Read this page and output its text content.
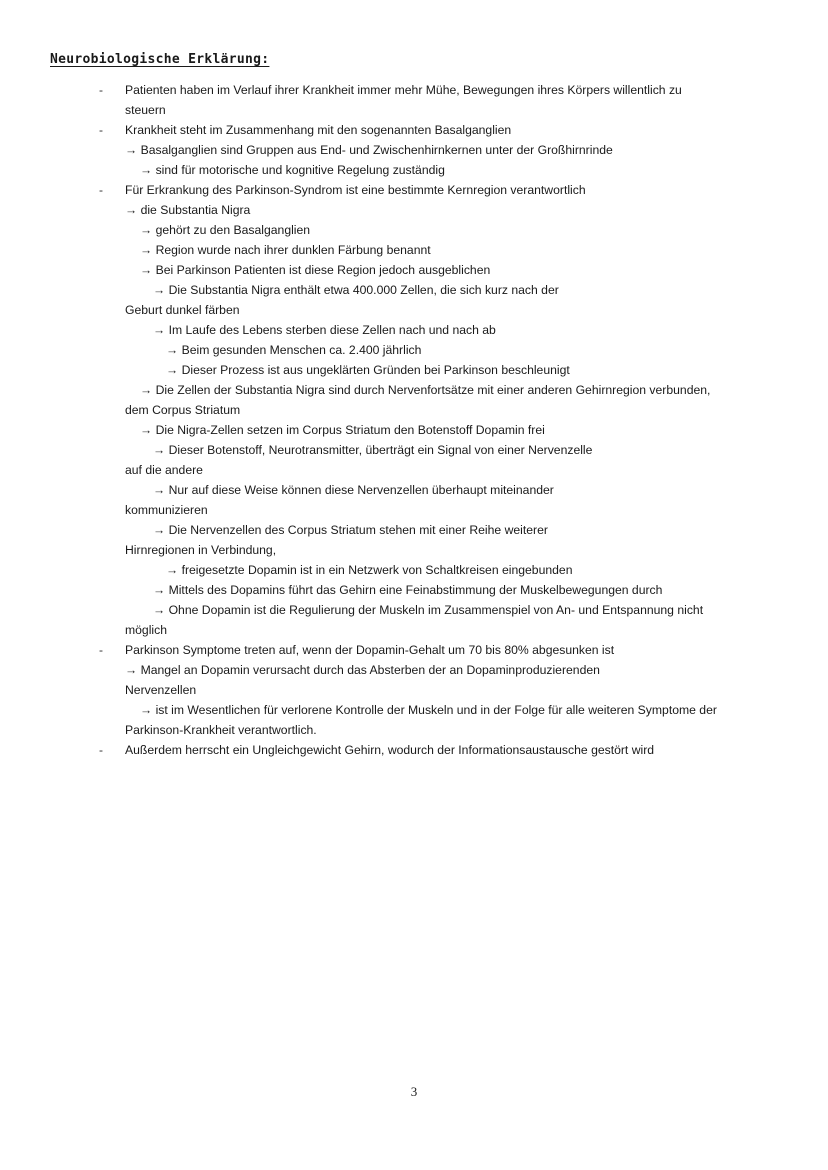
Neurobiologische Erklärung:
- Patienten haben im Verlauf ihrer Krankheit immer mehr Mühe, Bewegungen ihres Körpers willentlich zu
steuern
- Krankheit steht im Zusammenhang mit den sogenannten Basalganglien
→ Basalganglien sind Gruppen aus End- und Zwischenhirnkernen unter der Großhirnrinde
→ sind für motorische und kognitive Regelung zuständig
- Für Erkrankung des Parkinson-Syndrom ist eine bestimmte Kernregion verantwortlich
→ die Substantia Nigra
→ gehört zu den Basalganglien
→ Region wurde nach ihrer dunklen Färbung benannt
→ Bei Parkinson Patienten ist diese Region jedoch ausgeblichen
→ Die Substantia Nigra enthält etwa 400.000 Zellen, die sich kurz nach der
Geburt dunkel färben
→ Im Laufe des Lebens sterben diese Zellen nach und nach ab
→ Beim gesunden Menschen ca. 2.400 jährlich
→ Dieser Prozess ist aus ungeklärten Gründen bei Parkinson beschleunigt
→ Die Zellen der Substantia Nigra sind durch Nervenfortsätze mit einer anderen Gehirnregion verbunden,
dem Corpus Striatum
→ Die Nigra-Zellen setzen im Corpus Striatum den Botenstoff Dopamin frei
→ Dieser Botenstoff, Neurotransmitter, überträgt ein Signal von einer Nervenzelle
auf die andere
→ Nur auf diese Weise können diese Nervenzellen überhaupt miteinander
kommunizieren
→ Die Nervenzellen des Corpus Striatum stehen mit einer Reihe weiterer
Hirnregionen in Verbindung,
→ freigesetzte Dopamin ist in ein Netzwerk von Schaltkreisen eingebunden
→ Mittels des Dopamins führt das Gehirn eine Feinabstimmung der Muskelbewegungen durch
→ Ohne Dopamin ist die Regulierung der Muskeln im Zusammenspiel von An- und Entspannung nicht
möglich
- Parkinson Symptome treten auf, wenn der Dopamin-Gehalt um 70 bis 80% abgesunken ist
→ Mangel an Dopamin verursacht durch das Absterben der an Dopaminproduzierenden
Nervenzellen
→ ist im Wesentlichen für verlorene Kontrolle der Muskeln und in der Folge für alle weiteren Symptome der
Parkinson-Krankheit verantwortlich.
- Außerdem herrscht ein Ungleichgewicht Gehirn, wodurch der Informationsaustausche gestört wird
3
